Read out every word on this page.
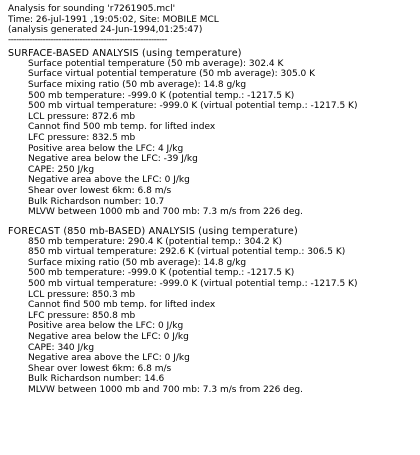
Analysis for sounding 'r7261905.mcl'
Time: 26-jul-1991 ,19:05:02, Site: MOBILE MCL
(analysis generated 24-Jun-1994,01:25:47)
------------------------------------------------------------
SURFACE-BASED ANALYSIS (using temperature)
Surface potential temperature (50 mb average): 302.4 K
Surface virtual potential temperature (50 mb average): 305.0 K
Surface mixing ratio (50 mb average): 14.8 g/kg
500 mb temperature: -999.0 K (potential temp.: -1217.5 K)
500 mb virtual temperature: -999.0 K (virtual potential temp.: -1217.5 K)
LCL pressure: 872.6 mb
Cannot find 500 mb temp. for lifted index
LFC pressure: 832.5 mb
Positive area below the LFC: 4 J/kg
Negative area below the LFC: -39 J/kg
CAPE: 250 J/kg
Negative area above the LFC: 0 J/kg
Shear over lowest 6km: 6.8 m/s
Bulk Richardson number: 10.7
MLVW between 1000 mb and 700 mb: 7.3 m/s from 226 deg.
FORECAST (850 mb-BASED) ANALYSIS (using temperature)
850 mb temperature: 290.4 K (potential temp.: 304.2 K)
850 mb virtual temperature: 292.6 K (virtual potential temp.: 306.5 K)
Surface mixing ratio (50 mb average): 14.8 g/kg
500 mb temperature: -999.0 K (potential temp.: -1217.5 K)
500 mb virtual temperature: -999.0 K (virtual potential temp.: -1217.5 K)
LCL pressure: 850.3 mb
Cannot find 500 mb temp. for lifted index
LFC pressure: 850.8 mb
Positive area below the LFC: 0 J/kg
Negative area below the LFC: 0 J/kg
CAPE: 340 J/kg
Negative area above the LFC: 0 J/kg
Shear over lowest 6km: 6.8 m/s
Bulk Richardson number: 14.6
MLVW between 1000 mb and 700 mb: 7.3 m/s from 226 deg.
